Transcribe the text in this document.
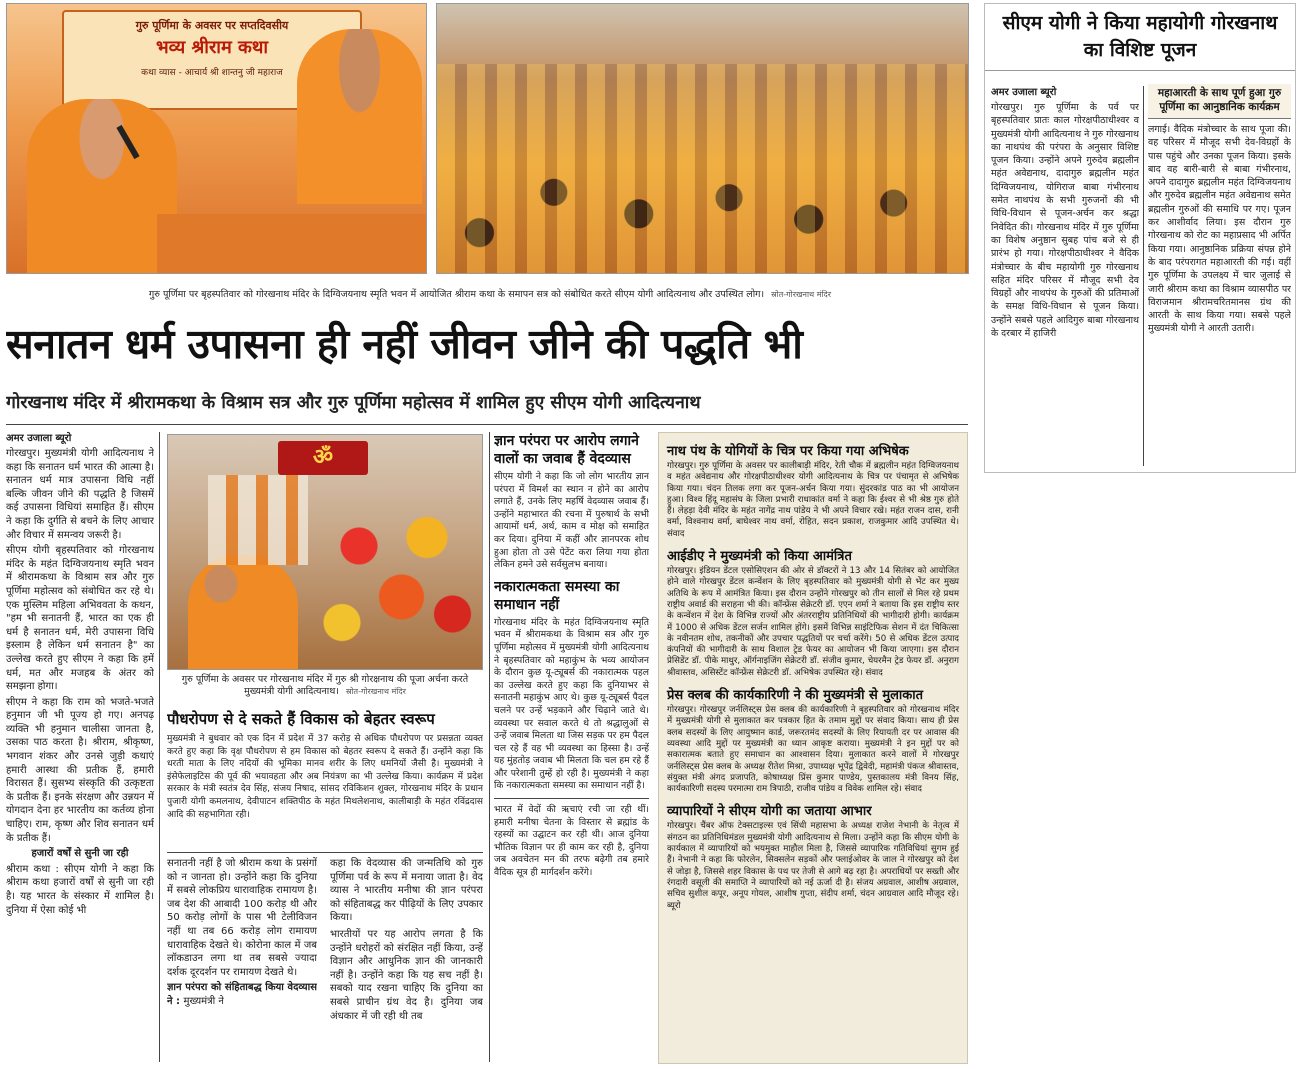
गुरु पूर्णिमा के अवसर पर सप्तदिवसीय
भव्य श्रीराम कथा
कथा व्यास - आचार्य श्री शान्तनु जी महाराज
गुरु पूर्णिमा पर बृहस्पतिवार को गोरखनाथ मंदिर के दिग्विजयनाथ स्मृति भवन में आयोजित श्रीराम कथा के समापन सत्र को संबोधित करते सीएम योगी आदित्यनाथ और उपस्थित लोग। स्रोत-गोरखनाथ मंदिर
सनातन धर्म उपासना ही नहीं जीवन जीने की पद्धति भी
गोरखनाथ मंदिर में श्रीरामकथा के विश्राम सत्र और गुरु पूर्णिमा महोत्सव में शामिल हुए सीएम योगी आदित्यनाथ
अमर उजाला ब्यूरो

गोरखपुर। मुख्यमंत्री योगी आदित्यनाथ ने कहा कि सनातन धर्म भारत की आत्मा है। सनातन धर्म मात्र उपासना विधि नहीं बल्कि जीवन जीने की पद्धति है जिसमें कई उपासना विधियां समाहित हैं। सीएम ने कहा कि दुर्गति से बचने के लिए आचार और विचार में समन्वय जरूरी है।

सीएम योगी बृहस्पतिवार को गोरखनाथ मंदिर के महंत दिग्विजयनाथ स्मृति भवन में श्रीरामकथा के विश्राम सत्र और गुरु पूर्णिमा महोत्सव को संबोधित कर रहे थे। एक मुस्लिम महिला अभिववता के कथन, "हम भी सनातनी हैं, भारत का एक ही धर्म है सनातन धर्म, मेरी उपासना विधि इस्लाम है लेकिन धर्म सनातन है" का उल्लेख करते हुए सीएम ने कहा कि हमें धर्म, मत और मजहब के अंतर को समझना होगा।

सीएम ने कहा कि राम को भजते-भजते हनुमान जी भी पूज्य हो गए। अनपढ़ व्यक्ति भी हनुमान चालीसा जानता है, उसका पाठ करता है। श्रीराम, श्रीकृष्ण, भगवान शंकर और उनसे जुड़ी कथाएं हमारी आस्था की प्रतीक हैं, हमारी विरासत हैं। सुसभ्य संस्कृति की उत्कृष्टता के प्रतीक हैं। इनके संरक्षण और उन्नयन में योगदान देना हर भारतीय का कर्तव्य होना चाहिए। राम, कृष्ण और शिव सनातन धर्म के प्रतीक हैं।

हजारों वर्षों से सुनी जा रही

श्रीराम कथा : सीएम योगी ने कहा कि श्रीराम कथा हजारों वर्षों से सुनी जा रही है। यह भारत के संस्कार में शामिल है। दुनिया में ऐसा कोई भी

ॐ
गुरु पूर्णिमा के अवसर पर गोरखनाथ मंदिर में गुरु श्री गोरक्षनाथ की पूजा अर्चना करते मुख्यमंत्री योगी आदित्यनाथ। स्रोत-गोरखनाथ मंदिर
पौधरोपण से दे सकते हैं विकास को बेहतर स्वरूप
मुख्यमंत्री ने बुधवार को एक दिन में प्रदेश में 37 करोड़ से अधिक पौधरोपण पर प्रसन्नता व्यक्त करते हुए कहा कि वृक्ष पौधरोपण से हम विकास को बेहतर स्वरूप दे सकते हैं। उन्होंने कहा कि धरती माता के लिए नदियों की भूमिका मानव शरीर के लिए धमनियों जैसी है। मुख्यमंत्री ने इंसेफेलाइटिस की पूर्व की भयावहता और अब नियंत्रण का भी उल्लेख किया। कार्यक्रम में प्रदेश सरकार के मंत्री स्वतंत्र देव सिंह, संजय निषाद, सांसद रविकिशन शुक्ल, गोरखनाथ मंदिर के प्रधान पुजारी योगी कमलनाथ, देवीपाटन शक्तिपीठ के महंत मिथलेशनाथ, कालीबाड़ी के महंत रविंद्रदास आदि की सहभागिता रही।
सनातनी नहीं है जो श्रीराम कथा के प्रसंगों को न जानता हो। उन्होंने कहा कि दुनिया में सबसे लोकप्रिय धारावाहिक रामायण है। जब देश की आबादी 100 करोड़ थी और 50 करोड़ लोगों के पास भी टेलीविजन नहीं था तब 66 करोड़ लोग रामायण धारावाहिक देखते थे। कोरोना काल में जब लॉकडाउन लगा था तब सबसे ज्यादा दर्शक दूरदर्शन पर रामायण देखते थे।
ज्ञान परंपरा को संहिताबद्ध किया वेदव्यास ने : मुख्यमंत्री ने
कहा कि वेदव्यास की जन्मतिथि को गुरु पूर्णिमा पर्व के रूप में मनाया जाता है। वेद व्यास ने भारतीय मनीषा की ज्ञान परंपरा को संहिताबद्ध कर पीढ़ियों के लिए उपकार किया।
भारतीयों पर यह आरोप लगता है कि उन्होंने धरोहरों को संरक्षित नहीं किया, उन्हें विज्ञान और आधुनिक ज्ञान की जानकारी नहीं है। उन्होंने कहा कि यह सच नहीं है। सबको याद रखना चाहिए कि दुनिया का सबसे प्राचीन ग्रंथ वेद है। दुनिया जब अंधकार में जी रही थी तब
ज्ञान परंपरा पर आरोप लगाने वालों का जवाब हैं वेदव्यास
सीएम योगी ने कहा कि जो लोग भारतीय ज्ञान परंपरा में विमर्श का स्थान न होने का आरोप लगाते हैं, उनके लिए महर्षि वेदव्यास जवाब हैं। उन्होंने महाभारत की रचना में पुरुषार्थ के सभी आयामों धर्म, अर्थ, काम व मोक्ष को समाहित कर दिया। दुनिया में कहीं और ज्ञानपरक शोध हुआ होता तो उसे पेटेंट करा लिया गया होता लेकिन हमने उसे सर्वसुलभ बनाया।
नकारात्मकता समस्या का समाधान नहीं
गोरखनाथ मंदिर के महंत दिग्विजयनाथ स्मृति भवन में श्रीरामकथा के विश्राम सत्र और गुरु पूर्णिमा महोत्सव में मुख्यमंत्री योगी आदित्यनाथ ने बृहस्पतिवार को महाकुंभ के भव्य आयोजन के दौरान कुछ यू-ट्यूबर्स की नकारात्मक पहल का उल्लेख करते हुए कहा कि दुनियाभर से सनातनी महाकुंभ आए थे। कुछ यू-ट्यूबर्स पैदल चलने पर उन्हें भड़काने और चिढ़ाने जाते थे। व्यवस्था पर सवाल करते थे तो श्रद्धालुओं से उन्हें जवाब मिलता था जिस सड़क पर हम पैदल चल रहे हैं वह भी व्यवस्था का हिस्सा है। उन्हें यह मुंहतोड़ जवाब भी मिलता कि चल हम रहे हैं और परेशानी तुम्हें हो रही है। मुख्यमंत्री ने कहा कि नकारात्मकता समस्या का समाधान नहीं है।
भारत में वेदों की ऋचाएं रची जा रही थीं। हमारी मनीषा चेतना के विस्तार से ब्रह्मांड के रहस्यों का उद्घाटन कर रही थी। आज दुनिया भौतिक विज्ञान पर ही काम कर रही है, दुनिया जब अवचेतन मन की तरफ बढ़ेगी तब हमारे वैदिक सूत्र ही मार्गदर्शन करेंगे।
नाथ पंथ के योगियों के चित्र पर किया गया अभिषेक
गोरखपुर। गुरु पूर्णिमा के अवसर पर कालीबाड़ी मंदिर, रेती चौक में ब्रह्मलीन महंत दिग्विजयनाथ व महंत अवेद्यनाथ और गोरक्षपीठाधीश्वर योगी आदित्यनाथ के चित्र पर पंचामृत से अभिषेक किया गया। चंदन तिलक लगा कर पूजन-अर्चन किया गया। सुंदरकांड पाठ का भी आयोजन हुआ। विश्व हिंदू महासंघ के जिला प्रभारी राधाकांत वर्मा ने कहा कि ईश्वर से भी श्रेष्ठ गुरु होते हैं। लेहड़ा देवी मंदिर के महंत नागेंद्र नाथ पांडेय ने भी अपने विचार रखे। महंत राजन दास, रानी वर्मा, विश्वनाथ वर्मा, बाघेश्वर नाथ वर्मा, रोहित, सदन प्रकाश, राजकुमार आदि उपस्थित थे। संवाद
आईडीए ने मुख्यमंत्री को किया आमंत्रित
गोरखपुर। इंडियन डेंटल एसोसिएशन की ओर से डॉक्टरों ने 13 और 14 सितंबर को आयोजित होने वाले गोरखपुर डेंटल कन्वेंशन के लिए बृहस्पतिवार को मुख्यमंत्री योगी से भेंट कर मुख्य अतिथि के रूप में आमंत्रित किया। इस दौरान उन्होंने गोरखपुर को तीन सालों से मिल रहे प्रथम राष्ट्रीय अवार्ड की सराहना भी की। कॉन्फ्रेंस सेक्रेटरी डॉ. एएन शर्मा ने बताया कि इस राष्ट्रीय स्तर के कन्वेंशन में देश के विभिन्न राज्यों और अंतरराष्ट्रीय प्रतिनिधियों की भागीदारी होगी। कार्यक्रम में 1000 से अधिक डेंटल सर्जन शामिल होंगे। इसमें विभिन्न साइंटिफिक सेशन में दंत चिकित्सा के नवीनतम शोध, तकनीकों और उपचार पद्धतियों पर चर्चा करेंगे। 50 से अधिक डेंटल उत्पाद कंपनियों की भागीदारी के साथ विशाल ट्रेड फेयर का आयोजन भी किया जाएगा। इस दौरान प्रेसिडेंट डॉ. पीके माथुर, ऑर्गनाइजिंग सेक्रेटरी डॉ. संजीव कुमार, चेयरमैन ट्रेड फेयर डॉ. अनुराग श्रीवास्तव, असिस्टेंट कॉन्फ्रेंस सेक्रेटरी डॉ. अभिषेक उपस्थित रहे। संवाद
प्रेस क्लब की कार्यकारिणी ने की मुख्यमंत्री से मुलाकात
गोरखपुर। गोरखपुर जर्नलिस्ट्स प्रेस क्लब की कार्यकारिणी ने बृहस्पतिवार को गोरखनाथ मंदिर में मुख्यमंत्री योगी से मुलाकात कर पत्रकार हित के तमाम मुद्दों पर संवाद किया। साथ ही प्रेस क्लब सदस्यों के लिए आयुष्मान कार्ड, जरूरतमंद सदस्यों के लिए रियायती दर पर आवास की व्यवस्था आदि मुद्दों पर मुख्यमंत्री का ध्यान आकृष्ट कराया। मुख्यमंत्री ने इन मुद्दों पर को सकारात्मक बताते हुए समाधान का आश्वासन दिया। मुलाकात करने वालों में गोरखपुर जर्नलिस्ट्स प्रेस क्लब के अध्यक्ष रीतेश मिश्रा, उपाध्यक्ष भूपेंद्र द्विवेदी, महामंत्री पंकज श्रीवास्तव, संयुक्त मंत्री अंगद प्रजापति, कोषाध्यक्ष प्रिंस कुमार पाण्डेय, पुस्तकालय मंत्री विनय सिंह, कार्यकारिणी सदस्य परमात्मा राम त्रिपाठी, राजीव पांडेय व विवेक शामिल रहे। संवाद
व्यापारियों ने सीएम योगी का जताया आभार
गोरखपुर। चैंबर ऑफ टेक्सटाइल्स एवं सिंधी महासभा के अध्यक्ष राजेश नेभानी के नेतृत्व में संगठन का प्रतिनिधिमंडल मुख्यमंत्री योगी आदित्यनाथ से मिला। उन्होंने कहा कि सीएम योगी के कार्यकाल में व्यापारियों को भयमुक्त माहौल मिला है, जिससे व्यापारिक गतिविधियां सुगम हुई हैं। नेभानी ने कहा कि फोरलेन, सिक्सलेन सड़कों और फ्लाईओवर के जाल ने गोरखपुर को देश से जोड़ा है, जिससे शहर विकास के पथ पर तेजी से आगे बढ़ रहा है। अपराधियों पर सख्ती और रंगदारी वसूली की समाप्ति ने व्यापारियों को नई ऊर्जा दी है। संजय अग्रवाल, आशीष अग्रवाल, सचिव सुशील कपूर, अनूप गोयल, आशीष गुप्ता, संदीप शर्मा, चंदन आग्रवाल आदि मौजूद रहे। ब्यूरो
सीएम योगी ने किया महायोगी गोरखनाथ का विशिष्ट पूजन
अमर उजाला ब्यूरो
गोरखपुर। गुरु पूर्णिमा के पर्व पर बृहस्पतिवार प्रातः काल गोरक्षपीठाधीश्वर व मुख्यमंत्री योगी आदित्यनाथ ने गुरु गोरखनाथ का नाथपंथ की परंपरा के अनुसार विशिष्ट पूजन किया। उन्होंने अपने गुरुदेव ब्रह्मलीन महंत अवेद्यनाथ, दादागुरु ब्रह्मलीन महंत दिग्विजयनाथ, योगिराज बाबा गंभीरनाथ समेत नाथपंथ के सभी गुरुजनों की भी विधि-विधान से पूजन-अर्चन कर श्रद्धा निवेदित की। गोरखनाथ मंदिर में गुरु पूर्णिमा का विशेष अनुष्ठान सुबह पांच बजे से ही प्रारंभ हो गया। गोरक्षपीठाधीश्वर ने वैदिक मंत्रोच्चार के बीच महायोगी गुरु गोरखनाथ सहित मंदिर परिसर में मौजूद सभी देव विग्रहों और नाथपंथ के गुरुओं की प्रतिमाओं के समक्ष विधि-विधान से पूजन किया। उन्होंने सबसे पहले आदिगुरु बाबा गोरखनाथ के दरबार में हाजिरी
महाआरती के साथ पूर्ण हुआ गुरु पूर्णिमा का आनुष्ठानिक कार्यक्रम
लगाई। वैदिक मंत्रोच्चार के साथ पूजा की। वह परिसर में मौजूद सभी देव-विग्रहों के पास पहुंचे और उनका पूजन किया। इसके बाद वह बारी-बारी से बाबा गंभीरनाथ, अपने दादागुरु ब्रह्मलीन महंत दिग्विजयनाथ और गुरुदेव ब्रह्मलीन महंत अवेद्यनाथ समेत ब्रह्मलीन गुरुओं की समाधि पर गए। पूजन कर आशीर्वाद लिया। इस दौरान गुरु गोरखनाथ को रोट का महाप्रसाद भी अर्पित किया गया। आनुष्ठानिक प्रक्रिया संपन्न होने के बाद परंपरागत महाआरती की गई। वहीं गुरु पूर्णिमा के उपलक्ष्य में चार जुलाई से जारी श्रीराम कथा का विश्राम व्यासपीठ पर विराजमान श्रीरामचरितमानस ग्रंथ की आरती के साथ किया गया। सबसे पहले मुख्यमंत्री योगी ने आरती उतारी।
